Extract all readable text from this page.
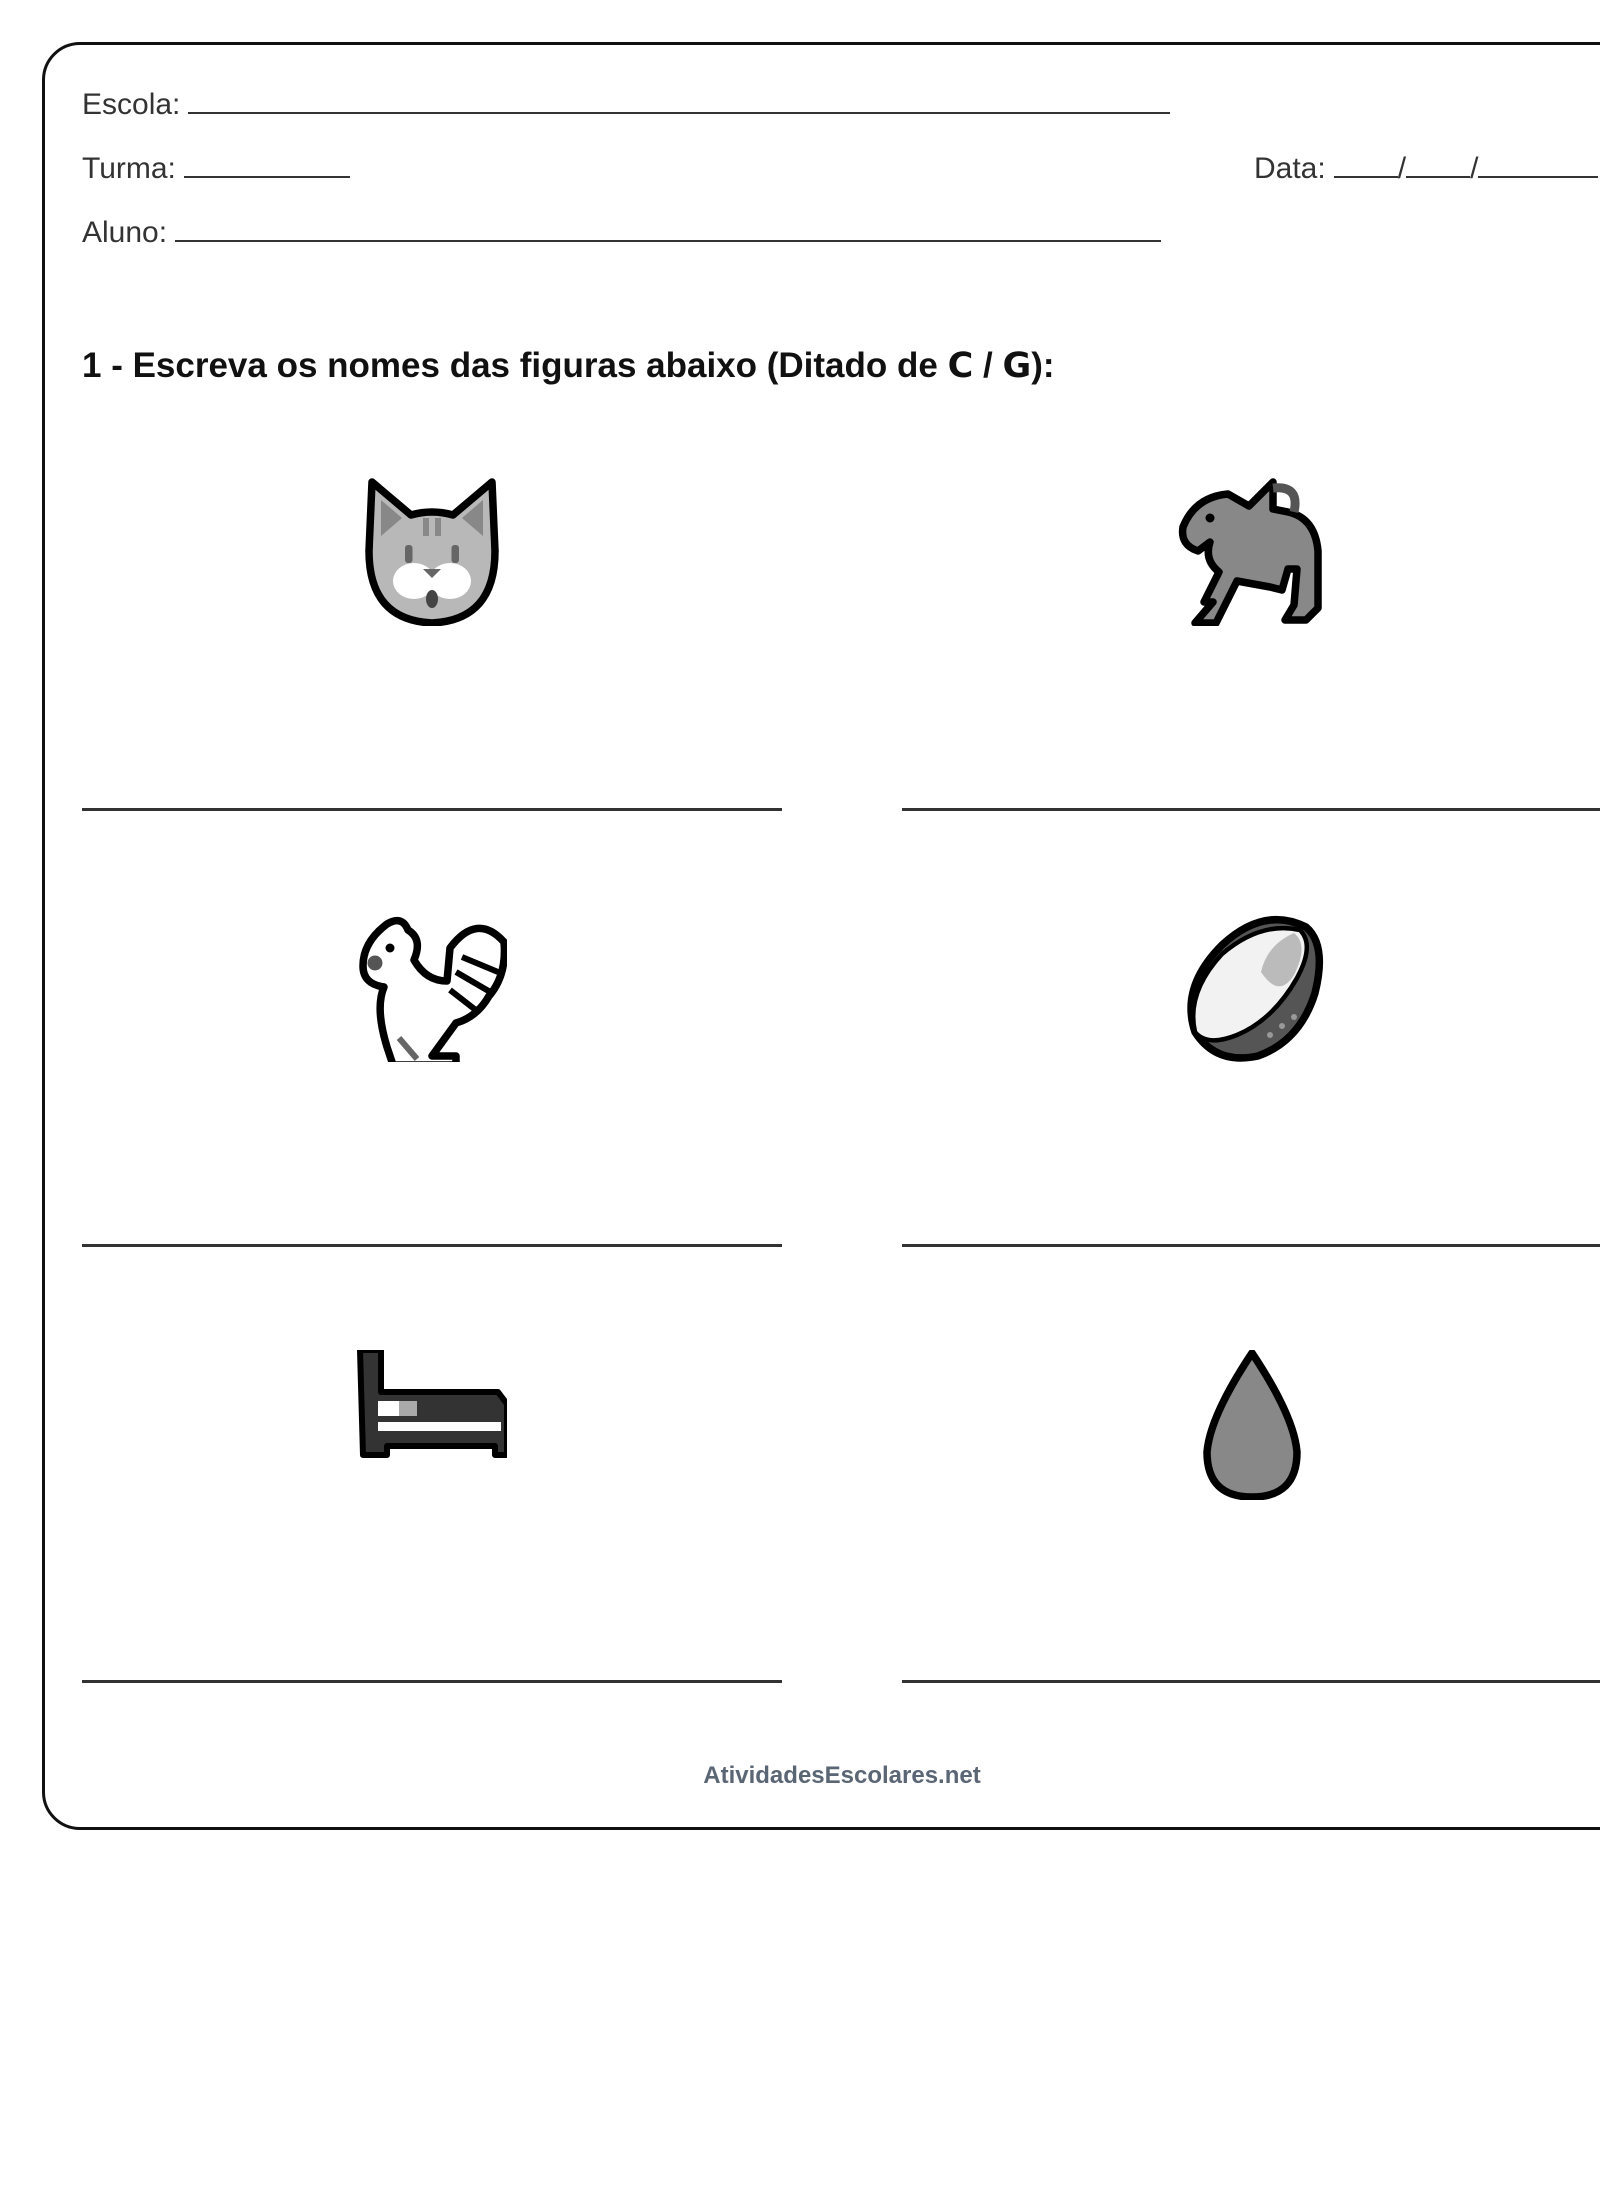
Escola:
Turma:	Data: / /
Aluno:
1 - Escreva os nomes das figuras abaixo (Ditado de C / G):
AtividadesEscolares.net
